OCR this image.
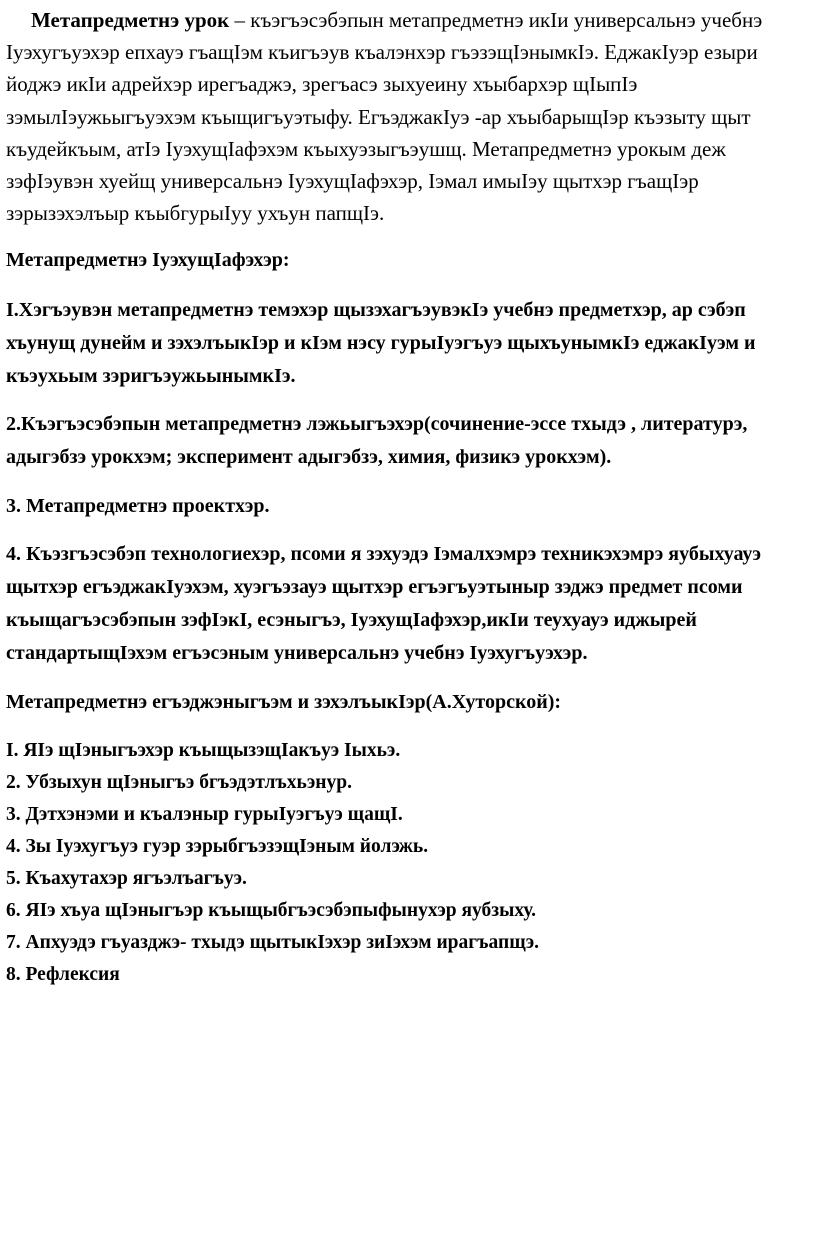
Метапредметнэ урок – къэгъэсэбэпын метапредметнэ икIи универсальнэ учебнэ Iуэхугъуэхэр епхауэ гъащIэм къигъэув къалэнхэр гъэзэщIэнымкIэ. ЕджакIуэр езыри йоджэ икIи адрейхэр ирегъаджэ, зрегъасэ зыхуеину хъыбархэр щIыпIэ зэмылIэужьыгъуэхэм къыщигъуэтыфу. ЕгъэджакIуэ -ар хъыбарыщIэр къэзыту щыт къудейкъым, атIэ IуэхущIафэхэм къыхуэзыгъэушщ. Метапредметнэ урокым деж зэфIэувэн хуейщ универсальнэ IуэхущIафэхэр, Iэмал имыIэу щытхэр гъащIэр зэрызэхэлъыр къыбгурыIуу ухъун папщIэ.

Метапредметнэ IуэхущIафэхэр:

I.Хэгъэувэн метапредметнэ темэхэр щызэхагъэувэкIэ учебнэ предметхэр, ар сэбэп хъунущ дунейм и зэхэлъыкIэр и кIэм нэсу гурыIуэгъуэ щыхъунымкIэ еджакIуэм и къэухьым зэригъэужьынымкIэ.

2.Къэгъэсэбэпын метапредметнэ лэжьыгъэхэр(сочинение-эссе тхыдэ , литературэ, адыгэбзэ урокхэм; эксперимент адыгэбзэ, химия, физикэ урокхэм).

3. Метапредметнэ проектхэр.

4. Къэзгъэсэбэп технологиехэр, псоми я зэхуэдэ Iэмалхэмрэ техникэхэмрэ яубыхуауэ щытхэр егъэджакIуэхэм, хуэгъэзауэ щытхэр егъэгъуэтыныр зэджэ предмет псоми къыщагъэсэбэпын зэфIэкI, есэныгъэ, IуэхущIафэхэр,икIи теухуауэ иджырей стандартыщIэхэм егъэсэным универсальнэ учебнэ Iуэхугъуэхэр.

Метапредметнэ егъэджэныгъэм и зэхэлъыкIэр(А.Хуторской):

I. ЯIэ щIэныгъэхэр къыщызэщIакъуэ Iыхьэ.
2. Убзыхун щIэныгъэ бгъэдэтлъхьэнур.
3. Дэтхэнэми и къалэныр гурыIуэгъуэ щащI.
4. Зы Iуэхугъуэ гуэр зэрыбгъэзэщIэным йолэжь.
5. Къахутахэр ягъэлъагъуэ.
6. ЯIэ хъуа щIэныгъэр къыщыбгъэсэбэпыфынухэр яубзыху.
7. Апхуэдэ гъуазджэ- тхыдэ щытыкIэхэр зиIэхэм ирагъапщэ.
8. Рефлексия
